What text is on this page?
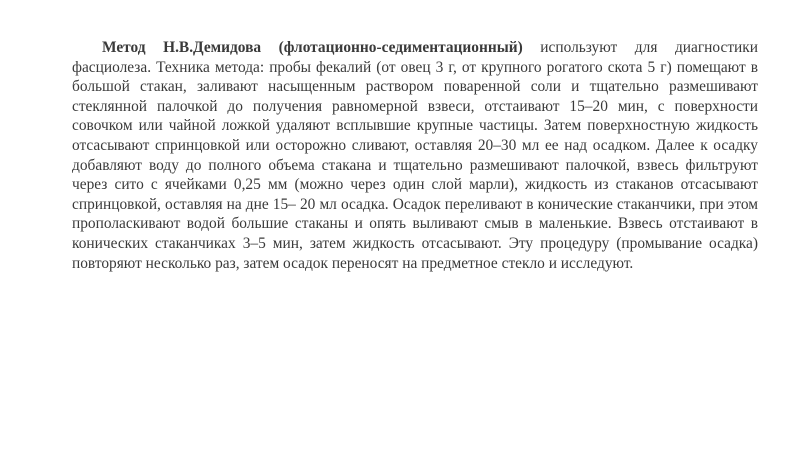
Метод Н.В.Демидова (флотационно-седиментационный) используют для диагностики фасциолеза. Техника метода: пробы фекалий (от овец 3 г, от крупного рогатого скота 5 г) помещают в большой стакан, заливают насыщенным раствором поваренной соли и тщательно размешивают стеклянной палочкой до получения равномерной взвеси, отстаивают 15–20 мин, с поверхности совочком или чайной ложкой удаляют всплывшие крупные частицы. Затем поверхностную жидкость отсасывают спринцовкой или осторожно сливают, оставляя 20–30 мл ее над осадком. Далее к осадку добавляют воду до полного объема стакана и тщательно размешивают палочкой, взвесь фильтруют через сито с ячейками 0,25 мм (можно через один слой марли), жидкость из стаканов отсасывают спринцовкой, оставляя на дне 15– 20 мл осадка. Осадок переливают в конические стаканчики, при этом прополаскивают водой большие стаканы и опять выливают смыв в маленькие. Взвесь отстаивают в конических стаканчиках 3–5 мин, затем жидкость отсасывают. Эту процедуру (промывание осадка) повторяют несколько раз, затем осадок переносят на предметное стекло и исследуют.
